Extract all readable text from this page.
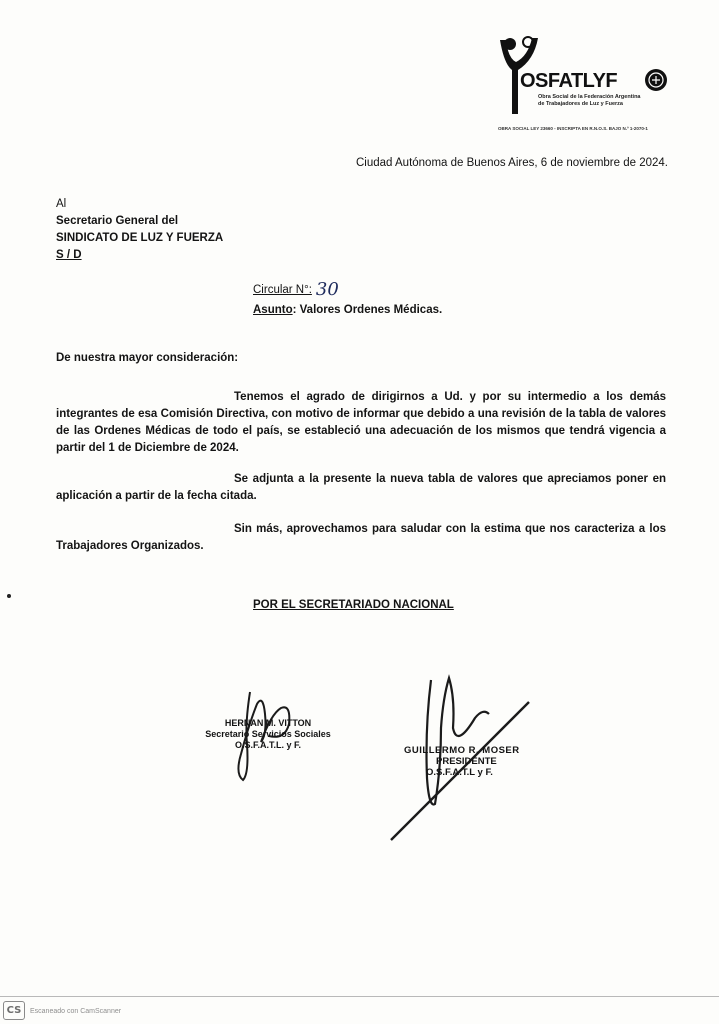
OSFATLYF
Obra Social de la Federación Argentina
de Trabajadores de Luz y Fuerza
OBRA SOCIAL LEY 23660 - INSCRIPTA EN R.N.O.S. BAJO N.º 1-2070-1
Ciudad Autónoma de Buenos Aires, 6 de noviembre de 2024.
Al
Secretario General del
SINDICATO DE LUZ Y FUERZA
S / D
Circular N°: 30
Asunto: Valores Ordenes Médicas.
De nuestra mayor consideración:
Tenemos el agrado de dirigirnos a Ud. y por su intermedio a los demás integrantes de esa Comisión Directiva, con motivo de informar que debido a una revisión de la tabla de valores de las Ordenes Médicas de todo el país, se estableció una adecuación de los mismos que tendrá vigencia a partir del 1 de Diciembre de 2024.
Se adjunta a la presente la nueva tabla de valores que apreciamos poner en aplicación a partir de la fecha citada.
Sin más, aprovechamos para saludar con la estima que nos caracteriza a los Trabajadores Organizados.
POR EL SECRETARIADO NACIONAL
HERNAN M. VITTON
Secretario Servicios Sociales
O.S.F.A.T.L. y F.	GUILLERMO R. MOSER
PRESIDENTE
O.S.F.A.T.L y F.
CS	Escaneado con CamScanner
